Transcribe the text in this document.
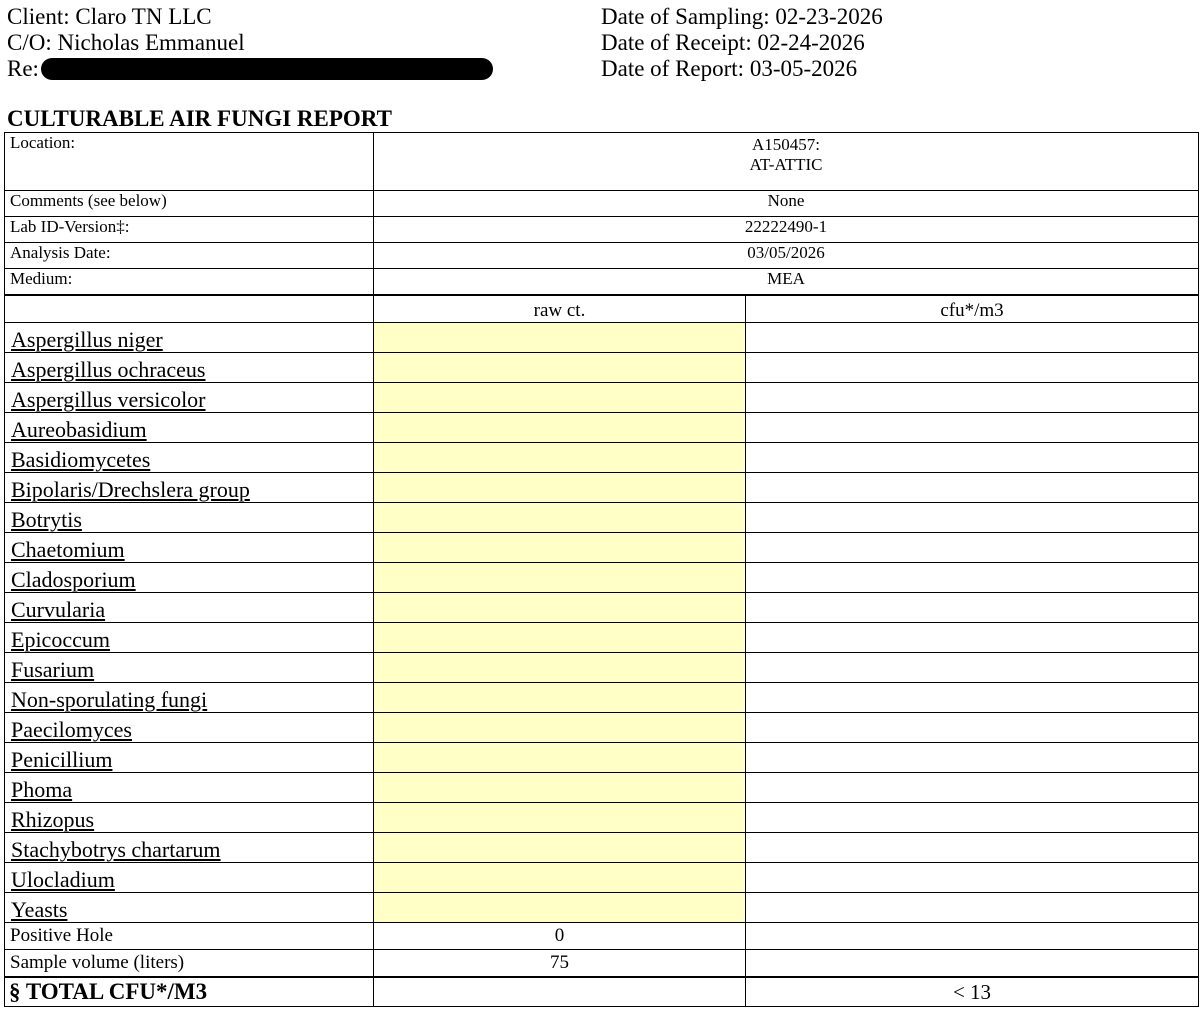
Client: Claro TN LLC
C/O: Nicholas Emmanuel
Re:
Date of Sampling: 02-23-2026
Date of Receipt: 02-24-2026
Date of Report: 03-05-2026
CULTURABLE AIR FUNGI REPORT
Location:	A150457:
AT-ATTIC	

Comments (see below)	None	
Lab ID-Version‡:	22222490-1	
Analysis Date:	03/05/2026	
Medium:	MEA	
	raw ct.	cfu*/m3
Aspergillus niger		
Aspergillus ochraceus		
Aspergillus versicolor		
Aureobasidium		
Basidiomycetes		
Bipolaris/Drechslera group		
Botrytis		
Chaetomium		
Cladosporium		
Curvularia		
Epicoccum		
Fusarium		
Non-sporulating fungi		
Paecilomyces		
Penicillium		
Phoma		
Rhizopus		
Stachybotrys chartarum		
Ulocladium		
Yeasts		
Positive Hole	0	
Sample volume (liters)	75	
§ TOTAL CFU*/M3		< 13
